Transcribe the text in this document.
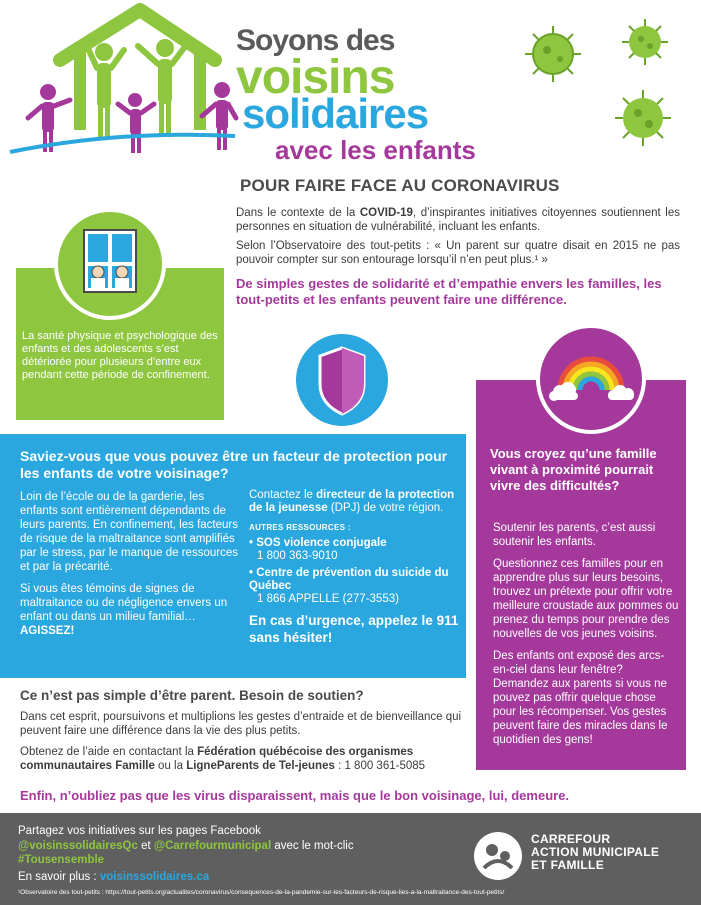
Soyons des
voisins
solidaires
avec les enfants
POUR FAIRE FACE AU CORONAVIRUS

Dans le contexte de la COVID-19, d’inspirantes initiatives citoyennes soutiennent les personnes en situation de vulnérabilité, incluant les enfants.

Selon l’Observatoire des tout-petits : « Un parent sur quatre disait en 2015 ne pas pouvoir compter sur son entourage lorsqu’il n’en peut plus.¹ »

De simples gestes de solidarité et d’empathie envers les familles, les tout-petits et les enfants peuvent faire une différence.
La santé physique et psychologique des enfants et des adolescents s’est détériorée pour plusieurs d’entre eux pendant cette période de confinement.
Saviez-vous que vous pouvez être un facteur de protection pour les enfants de votre voisinage?

Loin de l’école ou de la garderie, les enfants sont entièrement dépendants de leurs parents. En confinement, les facteurs de risque de la maltraitance sont amplifiés par le stress, par le manque de ressources et par la précarité.

Si vous êtes témoins de signes de maltraitance ou de négligence envers un enfant ou dans un milieu familial… AGISSEZ!

Contactez le directeur de la protection de la jeunesse (DPJ) de votre région.
AUTRES RESSOURCES :
• SOS violence conjugale
1 800 363-9010
• Centre de prévention du suicide du Québec
1 866 APPELLE (277-3553)
En cas d’urgence, appelez le 911 sans hésiter!
Vous croyez qu’une famille vivant à proximité pourrait vivre des difficultés?

Soutenir les parents, c’est aussi soutenir les enfants.

Questionnez ces familles pour en apprendre plus sur leurs besoins, trouvez un prétexte pour offrir votre meilleure croustade aux pommes ou prenez du temps pour prendre des nouvelles de vos jeunes voisins.

Des enfants ont exposé des arcs-en-ciel dans leur fenêtre? Demandez aux parents si vous ne pouvez pas offrir quelque chose pour les récompenser. Vos gestes peuvent faire des miracles dans le quotidien des gens!

Ce n’est pas simple d’être parent. Besoin de soutien?

Dans cet esprit, poursuivons et multiplions les gestes d’entraide et de bienveillance qui peuvent faire une différence dans la vie des plus petits.

Obtenez de l’aide en contactant la Fédération québécoise des organismes communautaires Famille ou la LigneParents de Tel-jeunes : 1 800 361-5085

Enfin, n’oubliez pas que les virus disparaissent, mais que le bon voisinage, lui, demeure.
Partagez vos initiatives sur les pages Facebook
@voisinssolidairesQc et @Carrefourmunicipal avec le mot-clic
#Tousensemble
En savoir plus : voisinssolidaires.ca
¹Observatoire des tout-petits : https://tout-petits.org/actualites/coronavirus/consequences-de-la-pandemie-sur-les-facteurs-de-risque-lies-a-la-maltraitance-des-tout-petits/
CARREFOUR
ACTION MUNICIPALE
ET FAMILLE
